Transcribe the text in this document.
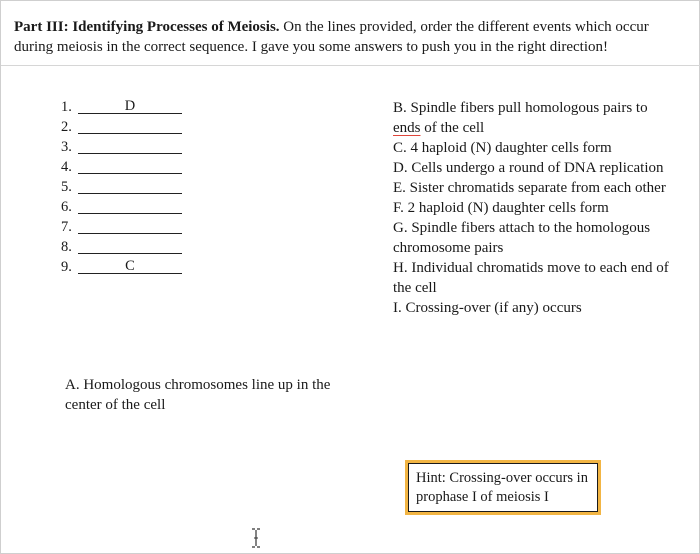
Part III: Identifying Processes of Meiosis. On the lines provided, order the different events which occur during meiosis in the correct sequence. I gave you some answers to push you in the right direction!
1.	D
2.
3.
4.
5.
6.
7.
8.
9.	C

B. Spindle fibers pull homologous pairs to ends of the cell

C. 4 haploid (N) daughter cells form

D. Cells undergo a round of DNA replication

E. Sister chromatids separate from each other

F. 2 haploid (N) daughter cells form

G. Spindle fibers attach to the homologous chromosome pairs

H. Individual chromatids move to each end of the cell

I. Crossing-over (if any) occurs

A. Homologous chromosomes line up in the center of the cell
Hint: Crossing-over occurs in prophase I of meiosis I
